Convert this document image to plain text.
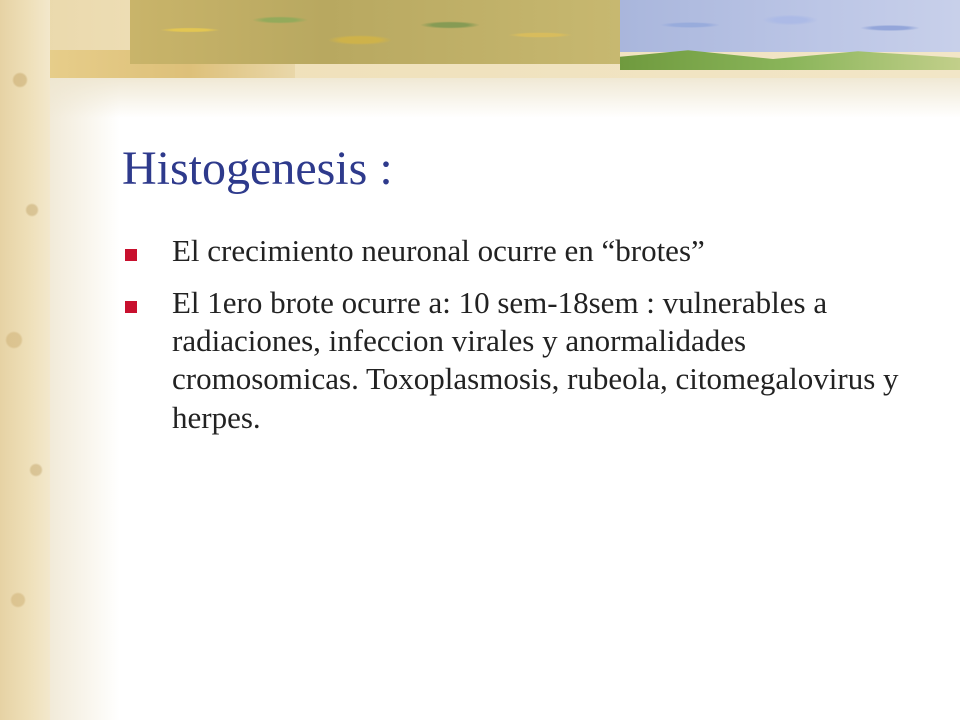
Histogenesis :
El crecimiento neuronal ocurre en “brotes”
El 1ero brote ocurre a: 10 sem-18sem : vulnerables a radiaciones, infeccion virales y anormalidades cromosomicas. Toxoplasmosis, rubeola, citomegalovirus y herpes.
